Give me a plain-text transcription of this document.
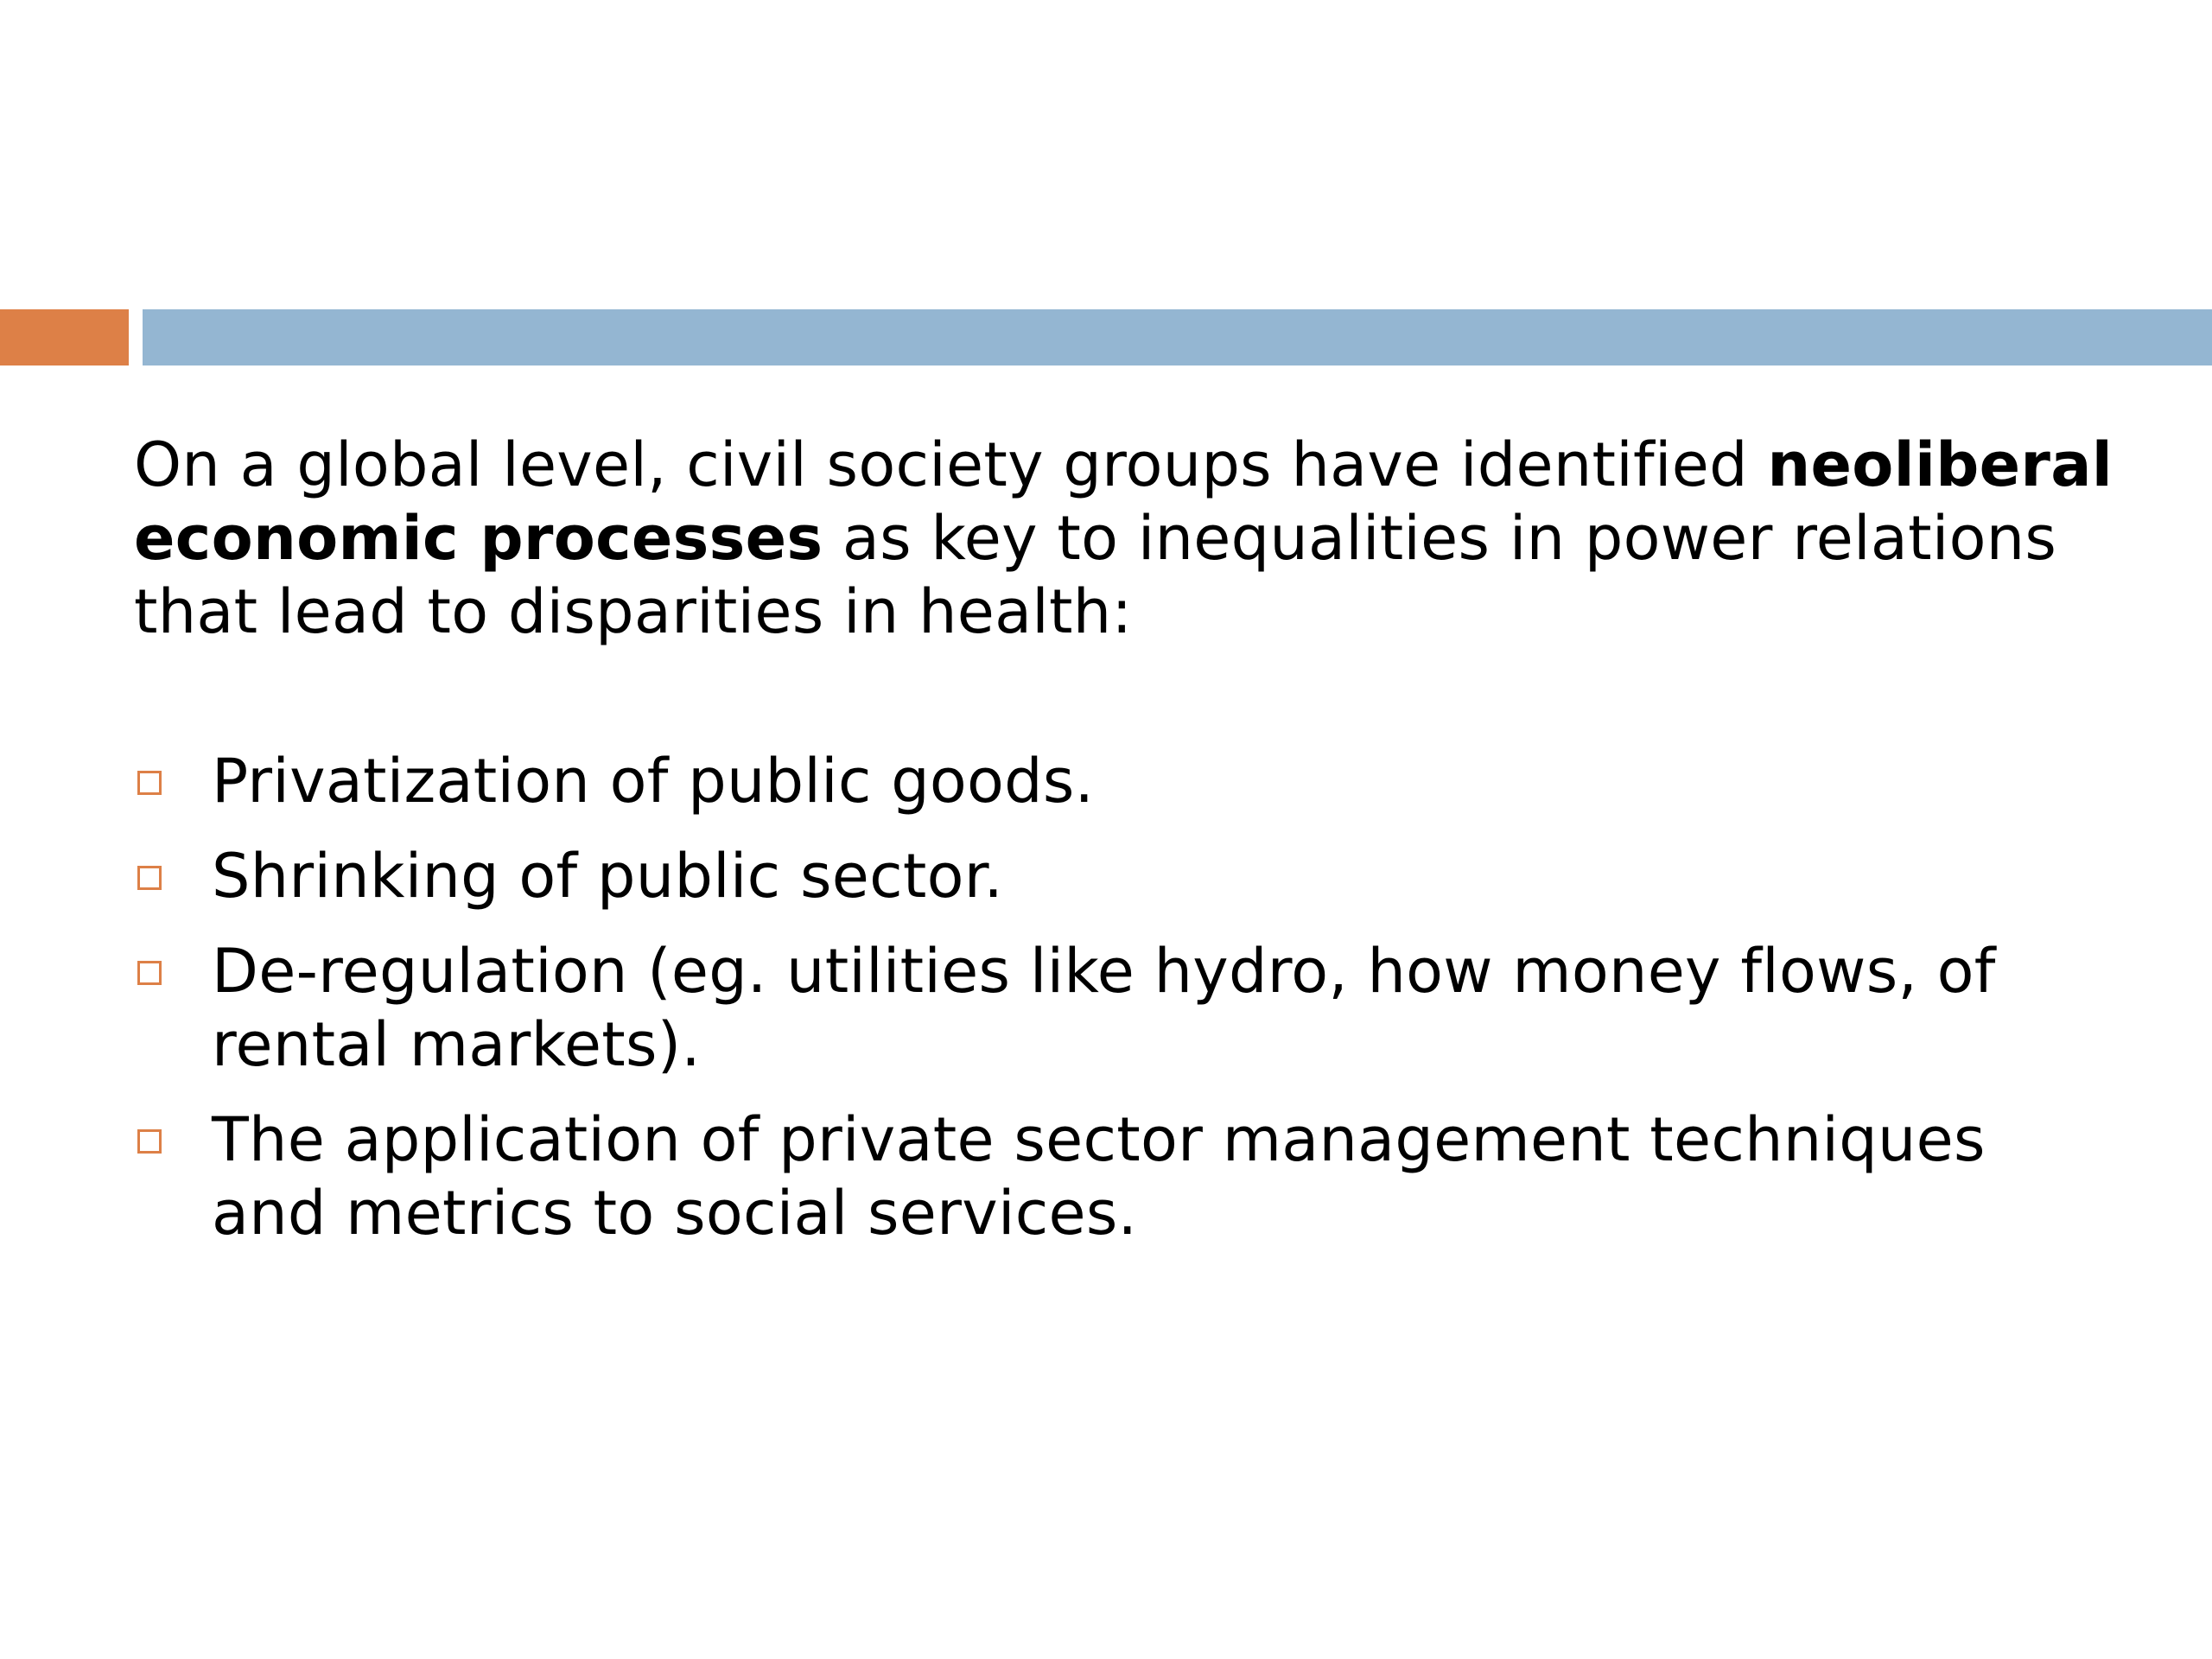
On a global level, civil society groups have identified neoliberal economic processes as key to inequalities in power relations that lead to disparities in health:

Privatization of public goods.
Shrinking of public sector.
De-regulation (eg. utilities like hydro, how money flows, of rental markets).
The application of private sector management techniques and metrics to social services.
